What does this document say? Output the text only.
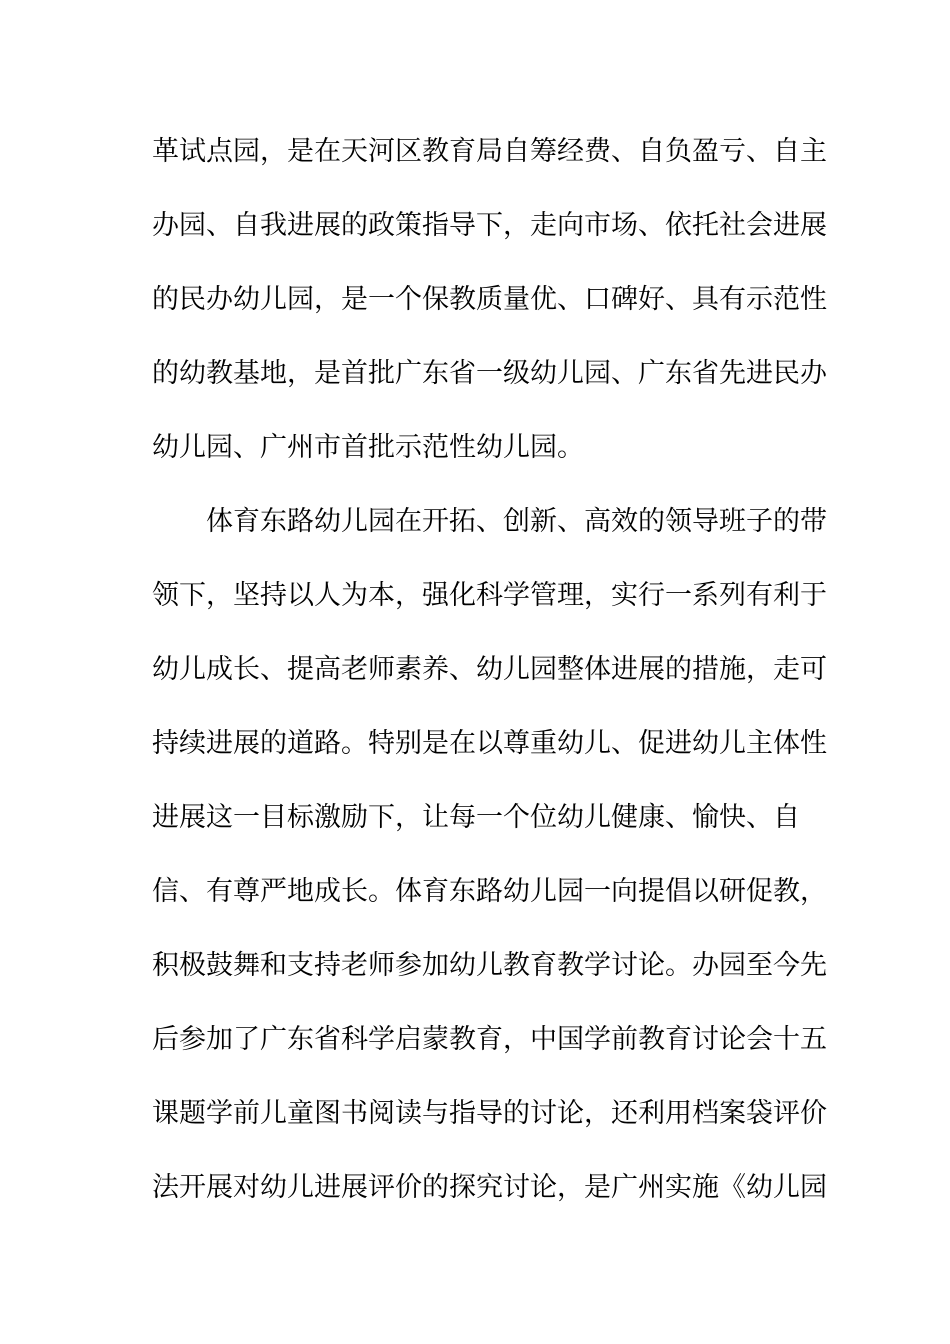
革试点园，是在天河区教育局自筹经费、自负盈亏、自主
办园、自我进展的政策指导下，走向市场、依托社会进展
的民办幼儿园，是一个保教质量优、口碑好、具有示范性
的幼教基地，是首批广东省一级幼儿园、广东省先进民办
幼儿园、广州市首批示范性幼儿园。
体育东路幼儿园在开拓、创新、高效的领导班子的带
领下，坚持以人为本，强化科学管理，实行一系列有利于
幼儿成长、提高老师素养、幼儿园整体进展的措施，走可
持续进展的道路。特别是在以尊重幼儿、促进幼儿主体性
进展这一目标激励下，让每一个位幼儿健康、愉快、自
信、有尊严地成长。体育东路幼儿园一向提倡以研促教，
积极鼓舞和支持老师参加幼儿教育教学讨论。办园至今先
后参加了广东省科学启蒙教育，中国学前教育讨论会十五
课题学前儿童图书阅读与指导的讨论，还利用档案袋评价
法开展对幼儿进展评价的探究讨论，是广州实施《幼儿园
